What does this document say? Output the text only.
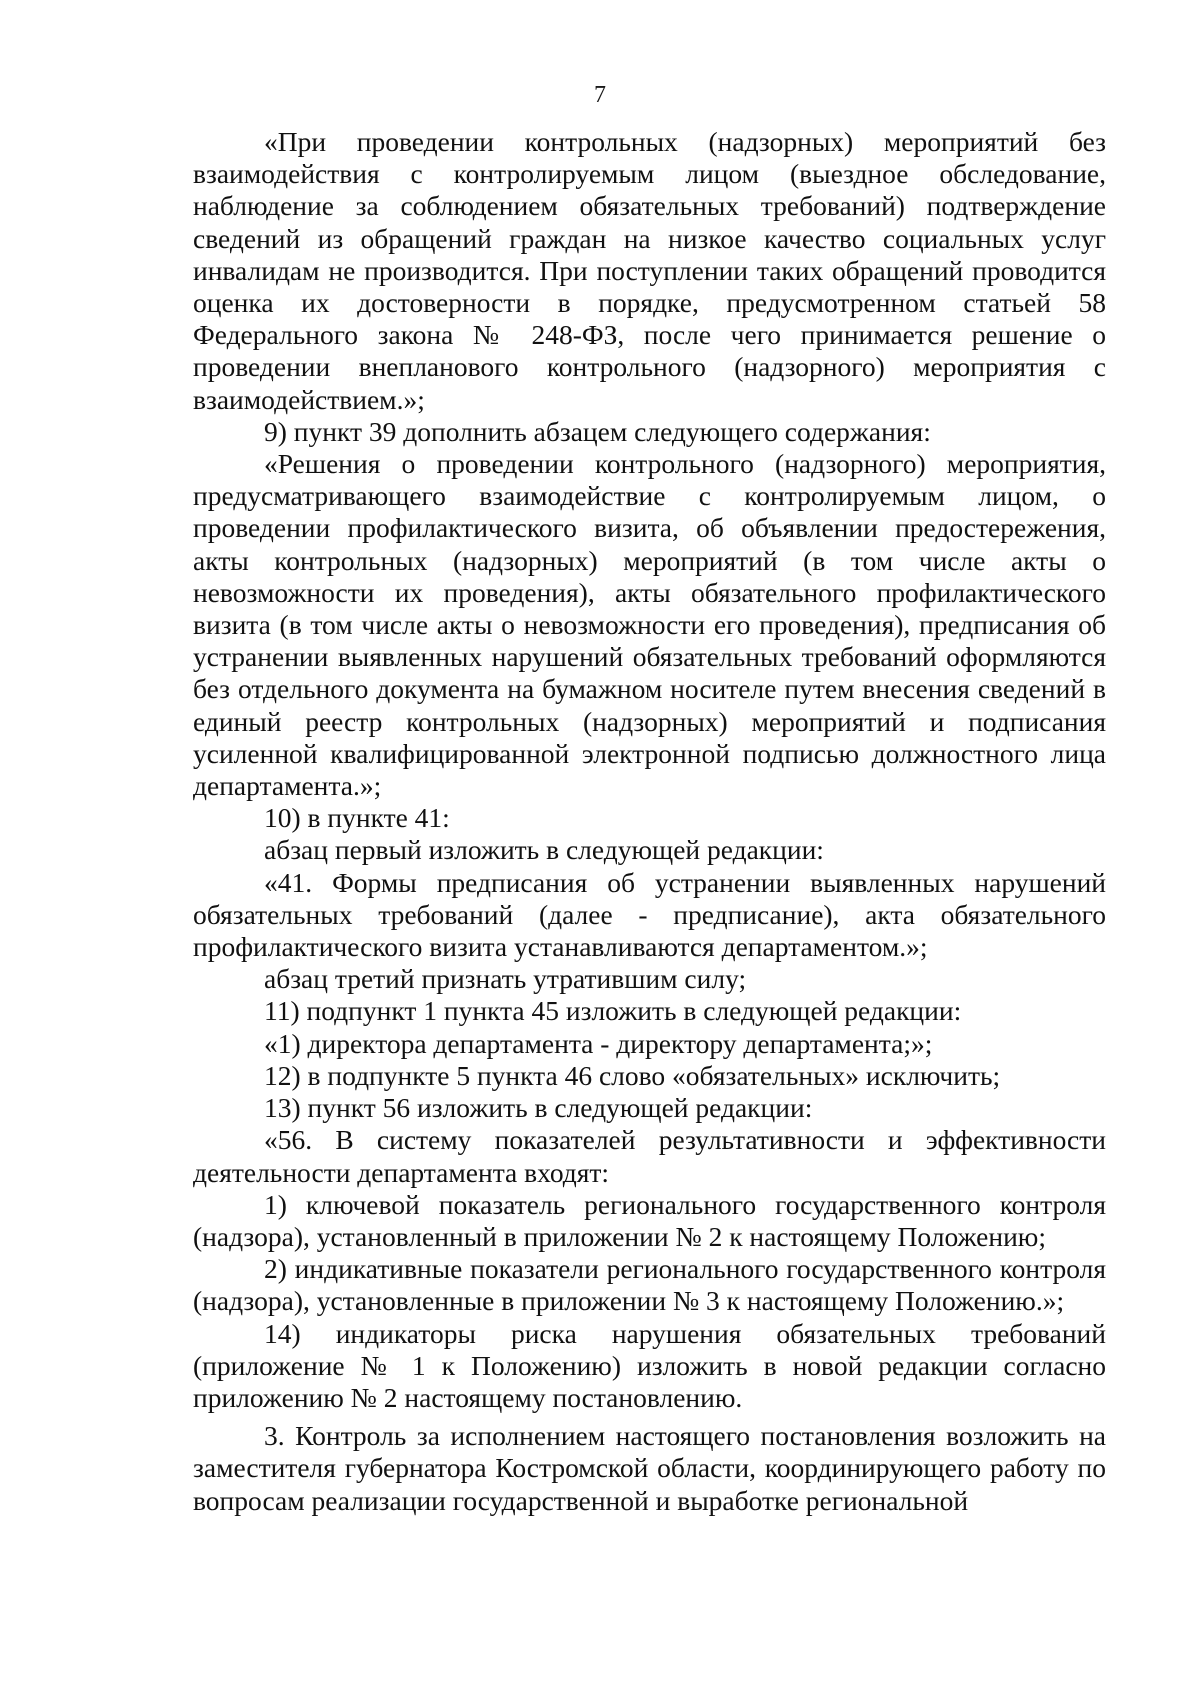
7

«При проведении контрольных (надзорных) мероприятий без взаимодействия с контролируемым лицом (выездное обследование, наблюдение за соблюдением обязательных требований) подтверждение сведений из обращений граждан на низкое качество социальных услуг инвалидам не производится. При поступлении таких обращений проводится оценка их достоверности в порядке, предусмотренном статьей 58 Федерального закона № 248-ФЗ, после чего принимается решение о проведении внепланового контрольного (надзорного) мероприятия с взаимодействием.»;

9) пункт 39 дополнить абзацем следующего содержания:

«Решения о проведении контрольного (надзорного) мероприятия, предусматривающего взаимодействие с контролируемым лицом, о проведении профилактического визита, об объявлении предостережения, акты контрольных (надзорных) мероприятий (в том числе акты о невозможности их проведения), акты обязательного профилактического визита (в том числе акты о невозможности его проведения), предписания об устранении выявленных нарушений обязательных требований оформляются без отдельного документа на бумажном носителе путем внесения сведений в единый реестр контрольных (надзорных) мероприятий и подписания усиленной квалифицированной электронной подписью должностного лица департамента.»;

10) в пункте 41:

абзац первый изложить в следующей редакции:

«41. Формы предписания об устранении выявленных нарушений обязательных требований (далее - предписание), акта обязательного профилактического визита устанавливаются департаментом.»;

абзац третий признать утратившим силу;

11) подпункт 1 пункта 45 изложить в следующей редакции:

«1) директора департамента - директору департамента;»;

12) в подпункте 5 пункта 46 слово «обязательных» исключить;

13) пункт 56 изложить в следующей редакции:

«56. В систему показателей результативности и эффективности деятельности департамента входят:

1) ключевой показатель регионального государственного контроля (надзора), установленный в приложении № 2 к настоящему Положению;

2) индикативные показатели регионального государственного контроля (надзора), установленные в приложении № 3 к настоящему Положению.»;

14) индикаторы риска нарушения обязательных требований (приложение № 1 к Положению) изложить в новой редакции согласно приложению № 2 настоящему постановлению.

3. Контроль за исполнением настоящего постановления возложить на заместителя губернатора Костромской области, координирующего работу по вопросам реализации государственной и выработке региональной
